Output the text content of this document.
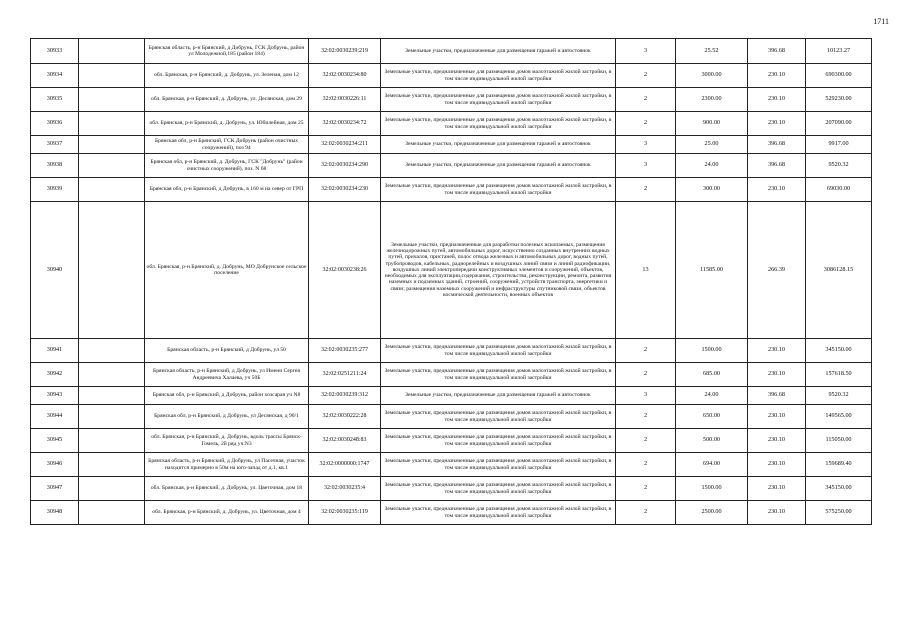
1711
30933		Брянская область, р-н Брянский, д Добрунь, ГСК Добрунь, район ул Молодежной,185 (район 184)	32:02:0030239:219	Земельные участки, предназначенные для размещения гаражей и автостоянок	3	25.52	396.68	10123.27
30934		обл. Брянская, р-н Брянский, д. Добрунь, ул. Зеленая, дом 12	32:02:0030234:80	Земельные участки, предназначенные для размещения домов малоэтажной жилой застройки, в том числе индивидуальной жилой застройки	2	3000.00	230.10	690300.00
30935		обл. Брянская, р-н Брянский, д. Добрунь, ул. Десянская, дом 29	32:02:0030226:11	Земельные участки, предназначенные для размещения домов малоэтажной жилой застройки, в том числе индивидуальной жилой застройки	2	2300.00	230.10	529230.00
30936		обл. Брянская, р-н Брянский, д. Добрунь, ул. Юбилейная, дом 25	32:02:0030234:72	Земельные участки, предназначенные для размещения домов малоэтажной жилой застройки, в том числе индивидуальной жилой застройки	2	900.00	230.10	207090.00
30937		Брянская обл, р-н Брянский, ГСК Добрунь (район очистных сооружений), поз 94	32:02:0030234:211	Земельные участки, предназначенные для размещения гаражей и автостоянок	3	25.00	396.68	9917.00
30938		Брянская обл, р-н Брянский, д. Добрунь, ГСК "Добрунь" (район очистных сооружений), поз. N 68	32:02:0030234:290	Земельные участки, предназначенные для размещения гаражей и автостоянок	3	24.00	396.68	9520.32
30939		Брянская обл, р-н Брянский, д Добрунь, в 160 м на север от ГРП	32:02:0030234:230	Земельные участки, предназначенные для размещения домов малоэтажной жилой застройки, в том числе индивидуальной жилой застройки	2	300.00	230.10	69030.00
30940		обл. Брянская, р-н Брянский, д. Добрунь, МО Добрунское сельское поселение	32:02:0030238:26	Земельные участки, предназначенные для разработки полезных ископаемых, размещения железнодорожных путей, автомобильных дорог, искусственно созданных внутренних водных путей, причалов, пристаней, полос отвода железных и автомобильных дорог, водных путей, трубопроводов, кабельных, радиорелейных и воздушных линий связи и линий радиофикации, воздушных линий электропередачи конструктивных элементов и сооружений, объектов, необходимых для эксплуатации,содержания, строительства, реконструкции, ремонта, развития наземных и подземных зданий, строений, сооружений, устройств транспорта, энергетики и связи; размещения наземных сооружений и инфраструктуры спутниковой связи, объектов космической деятельности, военных объектов	13	11585.00	266.39	3086128.15
30941		Брянская область, р-н Брянский, д Добрунь, ул 50	32:02:0030235:277	Земельные участки, предназначенные для размещения домов малоэтажной жилой застройки, в том числе индивидуальной жилой застройки	2	1500.00	230.10	345150.00
30942		Брянская область, р-н Брянский, д Добрунь, ул Имени Сергея Андреевича Халаева, уч 50Б	32:02:0251211:24	Земельные участки, предназначенные для размещения домов малоэтажной жилой застройки, в том числе индивидуальной жилой застройки	2	685.00	230.10	157618.50
30943		Брянская обл, р-н Брянский, д Добрунь, район хозсарая уч N8	32:02:0030239:312	Земельные участки, предназначенные для размещения гаражей и автостоянок	3	24.00	396.68	9520.32
30944		Брянская обл, р-н Брянский, д Добрунь, ул Десянская, д 90/1	32:02:0030222:28	Земельные участки, предназначенные для размещения домов малоэтажной жилой застройки, в том числе индивидуальной жилой застройки	2	650.00	230.10	149565.00
30945		обл. Брянская, р-н Брянский, д. Добрунь, вдоль трассы Брянск-Гомель, 2й ряд уч.N3	32:02:0030248:83	Земельные участки, предназначенные для размещения домов малоэтажной жилой застройки, в том числе индивидуальной жилой застройки	2	500.00	230.10	115050.00
30946		Брянская область, р-н Брянский, д Добрунь, ул Пасечная, участок находится примерно в 50м на юго-запад от д.1, кв.1	32:02:0000000:1747	Земельные участки, предназначенные для размещения домов малоэтажной жилой застройки, в том числе индивидуальной жилой застройки	2	694.00	230.10	159689.40
30947		обл. Брянская, р-н Брянский, д. Добрунь, ул. Цветочная, дом 18	32:02:0030235:4	Земельные участки, предназначенные для размещения домов малоэтажной жилой застройки, в том числе индивидуальной жилой застройки	2	1500.00	230.10	345150.00
30948		обл. Брянская, р-н Брянский, д. Добрунь, ул. Цветочная, дом 4	32:02:0030235:119	Земельные участки, предназначенные для размещения домов малоэтажной жилой застройки, в том числе индивидуальной жилой застройки	2	2500.00	230.10	575250.00
